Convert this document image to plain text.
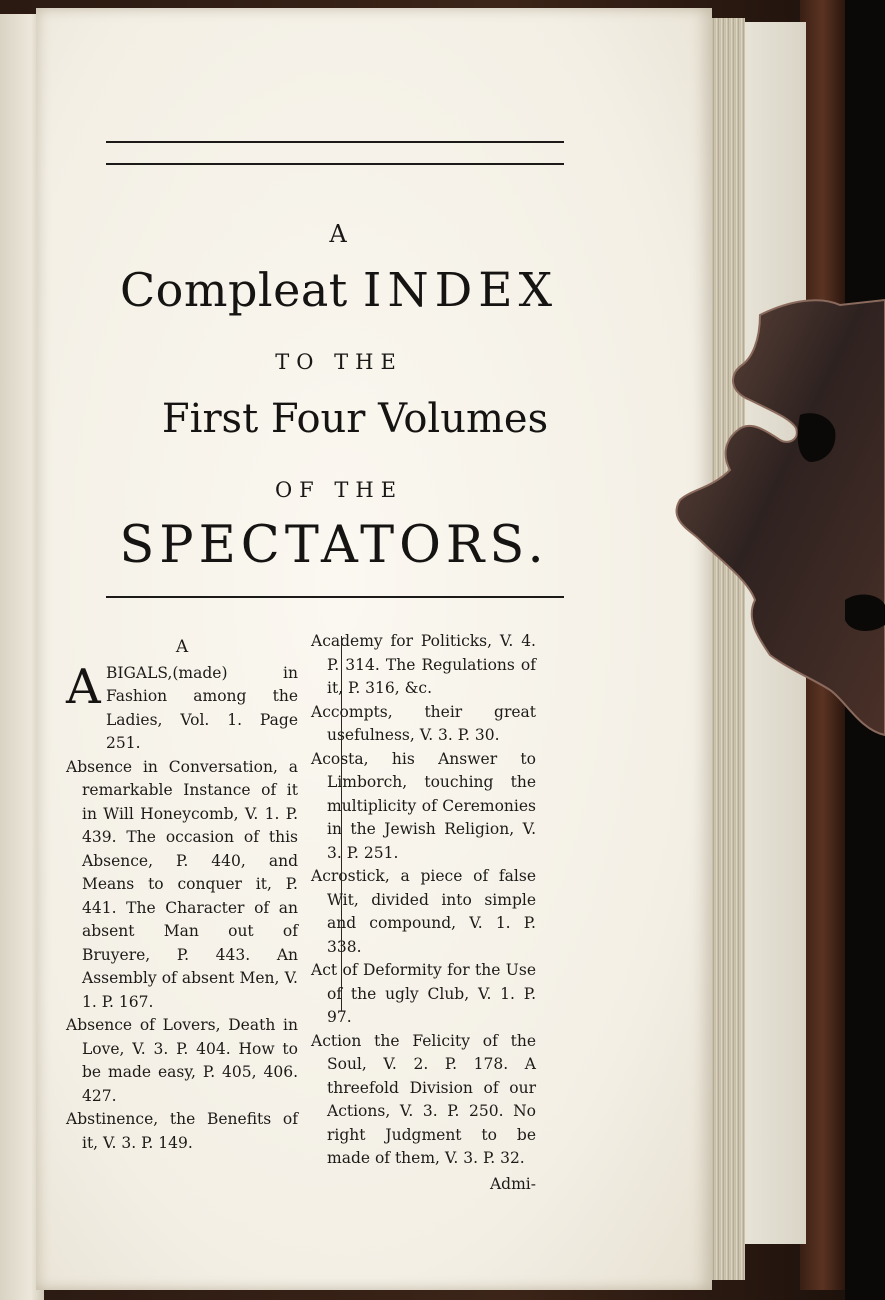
A
Compleat INDEX
TO THE
First Four Volumes
OF THE
SPECTATORS.
A

A BIGALS,(made) in Fashion among the Ladies, Vol. 1. Page 251.

Absence in Conversation, a remarkable Instance of it in Will Honeycomb, V. 1. P. 439. The occasion of this Absence, P. 440, and Means to conquer it, P. 441. The Character of an absent Man out of Bruyere, P. 443. An Assembly of absent Men, V. 1. P. 167.

Absence of Lovers, Death in Love, V. 3. P. 404. How to be made easy, P. 405, 406. 427.

Abstinence, the Benefits of it, V. 3. P. 149.

Academy for Politicks, V. 4. P. 314. The Regulations of it, P. 316, &c.

Accompts, their great usefulness, V. 3. P. 30.

Acosta, his Answer to Limborch, touching the multiplicity of Ceremonies in the Jewish Religion, V. 3. P. 251.

Acrostick, a piece of false Wit, divided into simple and compound, V. 1. P. 338.

Act of Deformity for the Use of the ugly Club, V. 1. P. 97.

Action the Felicity of the Soul, V. 2. P. 178. A threefold Division of our Actions, V. 3. P. 250. No right Judgment to be made of them, V. 3. P. 32.

Admi-
